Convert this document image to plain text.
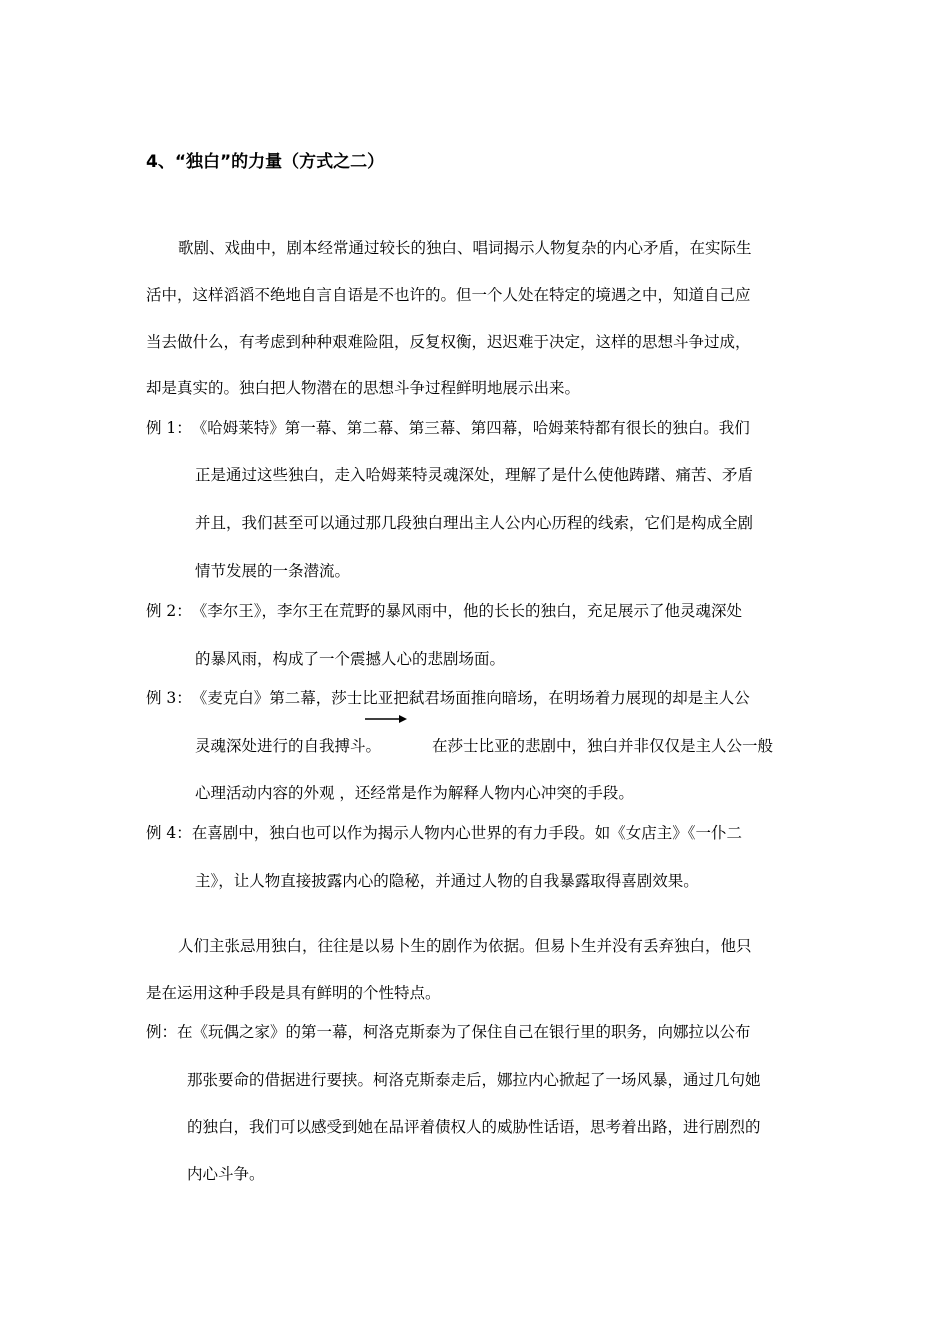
4、“独白”的力量（方式之二）
歌剧、戏曲中，剧本经常通过较长的独白、唱词揭示人物复杂的内心矛盾，在实际生
活中，这样滔滔不绝地自言自语是不也许的。但一个人处在特定的境遇之中，知道自己应
当去做什么，有考虑到种种艰难险阻，反复权衡，迟迟难于决定，这样的思想斗争过成，
却是真实的。独白把人物潜在的思想斗争过程鲜明地展示出来。
例 1：《哈姆莱特》第一幕、第二幕、第三幕、第四幕，哈姆莱特都有很长的独白。我们
正是通过这些独白，走入哈姆莱特灵魂深处，理解了是什么使他踌躇、痛苦、矛盾
并且，我们甚至可以通过那几段独白理出主人公内心历程的线索，它们是构成全剧
情节发展的一条潜流。
例 2：《李尔王》，李尔王在荒野的暴风雨中，他的长长的独白，充足展示了他灵魂深处
的暴风雨，构成了一个震撼人心的悲剧场面。
例 3：《麦克白》第二幕，莎士比亚把弑君场面推向暗场，在明场着力展现的却是主人公
灵魂深处进行的自我搏斗。	在莎士比亚的悲剧中，独白并非仅仅是主人公一般
心理活动内容的外观 ，还经常是作为解释人物内心冲突的手段。
例 4：在喜剧中，独白也可以作为揭示人物内心世界的有力手段。如《女店主》《一仆二
主》，让人物直接披露内心的隐秘，并通过人物的自我暴露取得喜剧效果。
人们主张忌用独白，往往是以易卜生的剧作为依据。但易卜生并没有丢弃独白，他只
是在运用这种手段是具有鲜明的个性特点。
例：在《玩偶之家》的第一幕，柯洛克斯泰为了保住自己在银行里的职务，向娜拉以公布
那张要命的借据进行要挟。柯洛克斯泰走后，娜拉内心掀起了一场风暴，通过几句她
的独白，我们可以感受到她在品评着债权人的威胁性话语，思考着出路，进行剧烈的
内心斗争。
